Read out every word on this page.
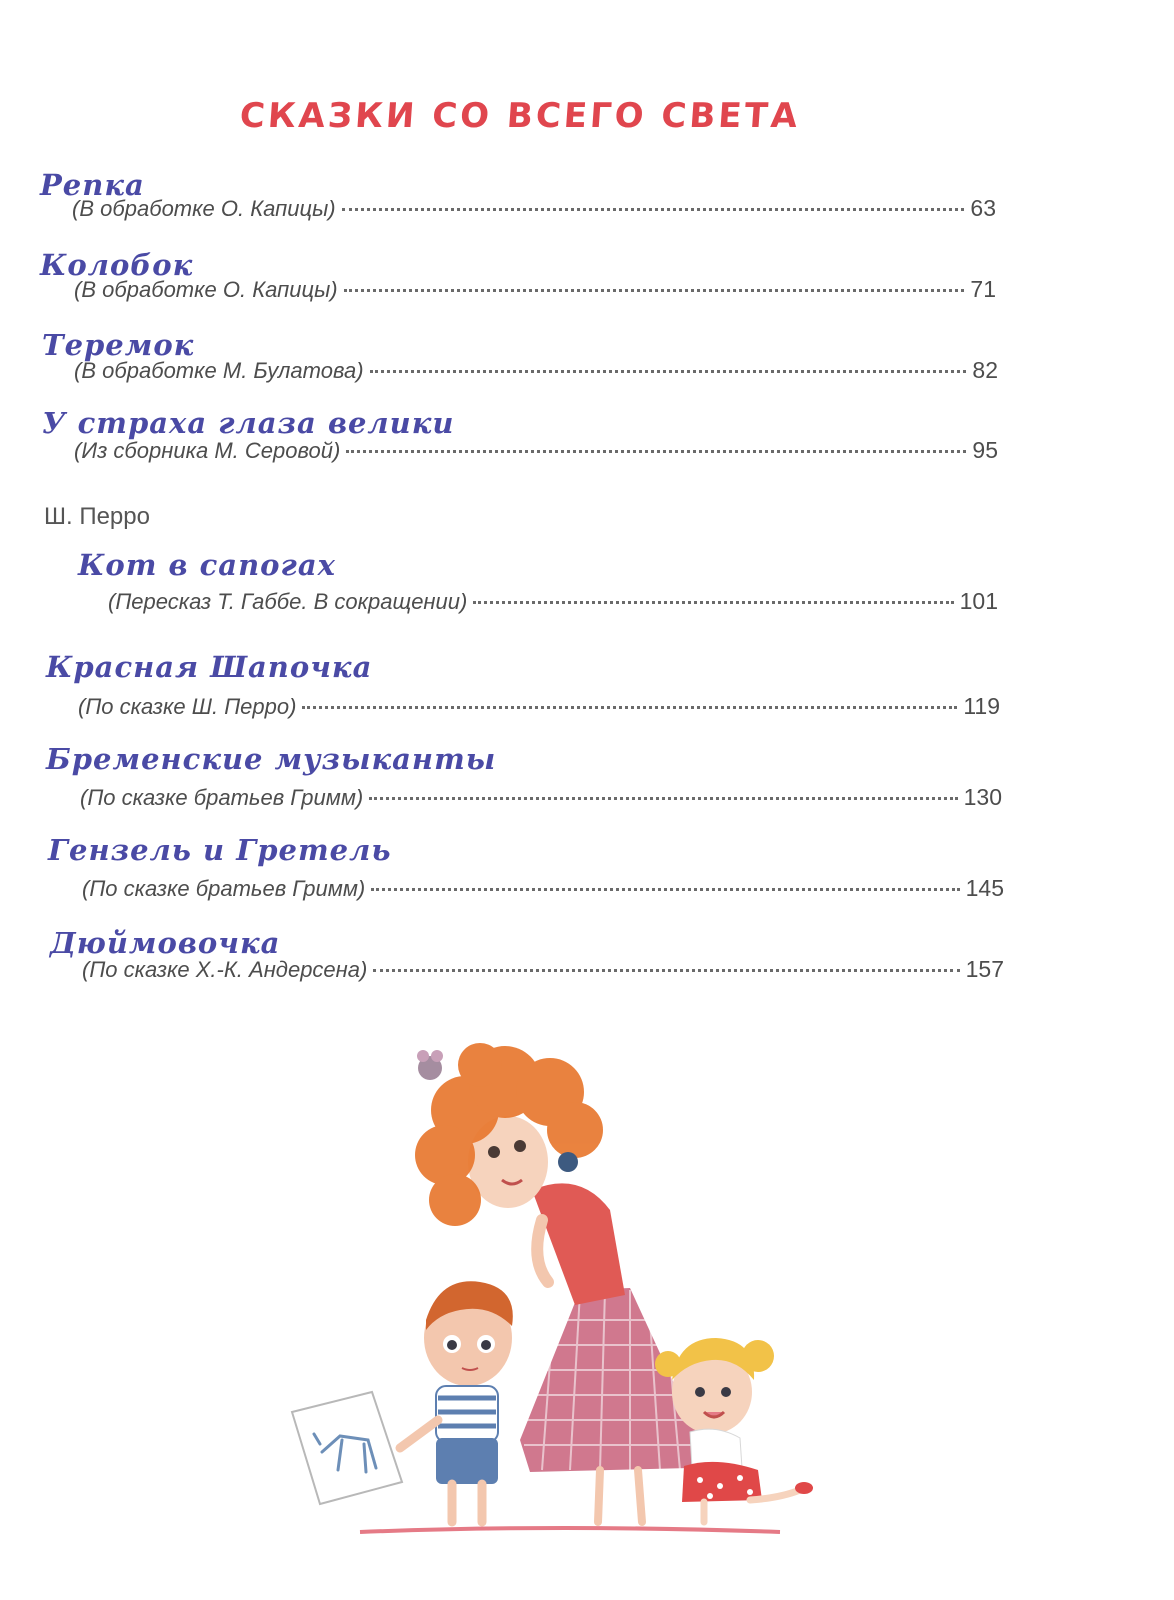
СКАЗКИ СО ВСЕГО СВЕТА
Репка
(В обработке О. Капицы)	63
Колобок
(В обработке О. Капицы)	71
Теремок
(В обработке М. Булатова)	82
У страха глаза велики
(Из сборника М. Серовой)	95
Ш. Перро
Кот в сапогах
(Пересказ Т. Габбе. В сокращении)	101
Красная Шапочка
(По сказке Ш. Перро)	119
Бременские музыканты
(По сказке братьев Гримм)	130
Гензель и Гретель
(По сказке братьев Гримм)	145
Дюймовочка
(По сказке Х.-К. Андерсена)	157
